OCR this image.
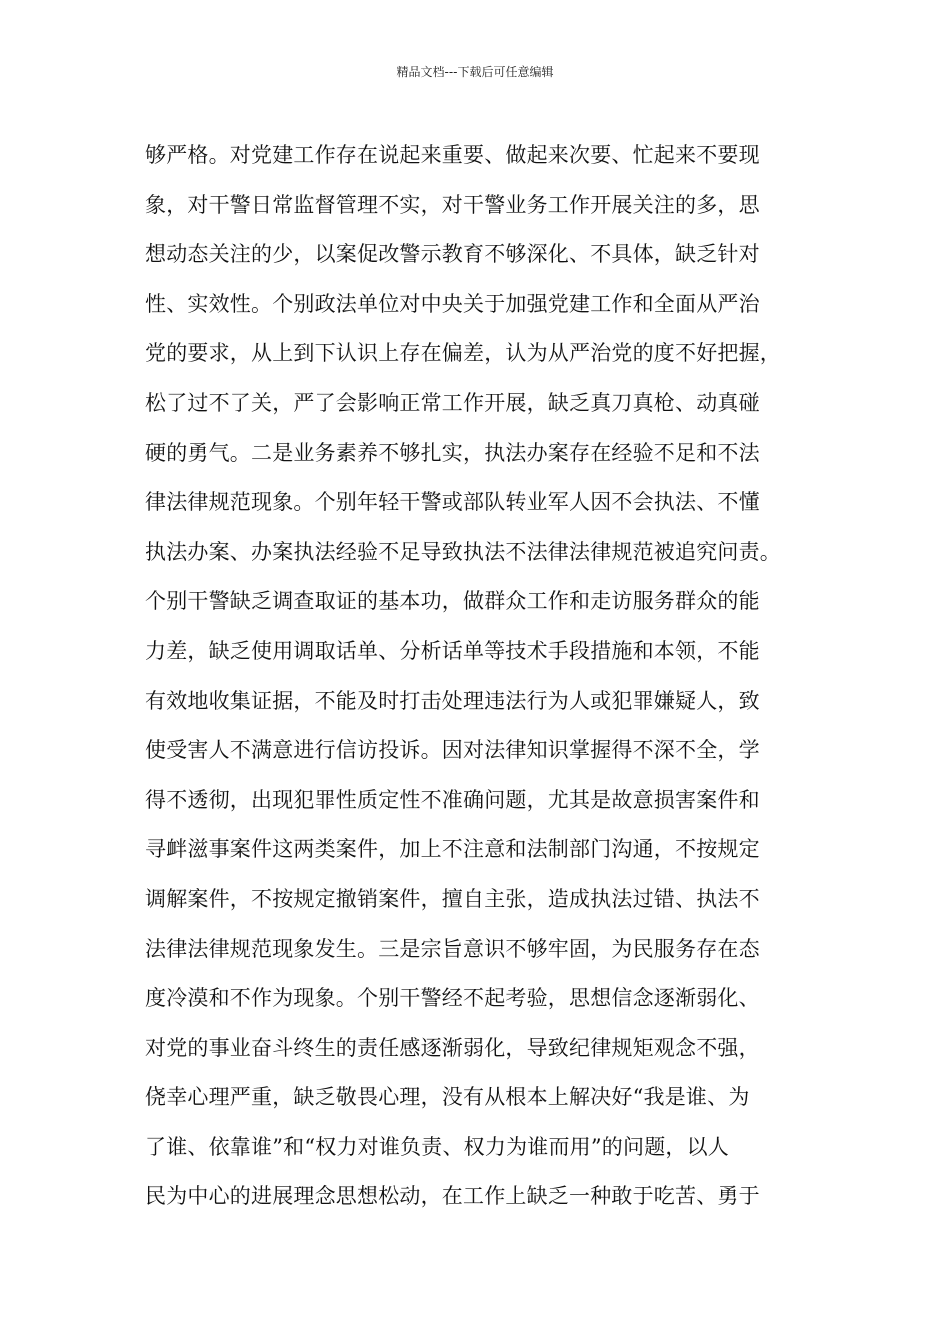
精品文档---下载后可任意编辑
够严格。对党建工作存在说起来重要、做起来次要、忙起来不要现
象，对干警日常监督管理不实，对干警业务工作开展关注的多，思
想动态关注的少，以案促改警示教育不够深化、不具体，缺乏针对
性、实效性。个别政法单位对中央关于加强党建工作和全面从严治
党的要求，从上到下认识上存在偏差，认为从严治党的度不好把握，
松了过不了关，严了会影响正常工作开展，缺乏真刀真枪、动真碰
硬的勇气。二是业务素养不够扎实，执法办案存在经验不足和不法
律法律规范现象。个别年轻干警或部队转业军人因不会执法、不懂
执法办案、办案执法经验不足导致执法不法律法律规范被追究问责。
个别干警缺乏调查取证的基本功，做群众工作和走访服务群众的能
力差，缺乏使用调取话单、分析话单等技术手段措施和本领，不能
有效地收集证据，不能及时打击处理违法行为人或犯罪嫌疑人，致
使受害人不满意进行信访投诉。因对法律知识掌握得不深不全，学
得不透彻，出现犯罪性质定性不准确问题，尤其是故意损害案件和
寻衅滋事案件这两类案件，加上不注意和法制部门沟通，不按规定
调解案件，不按规定撤销案件，擅自主张，造成执法过错、执法不
法律法律规范现象发生。三是宗旨意识不够牢固，为民服务存在态
度冷漠和不作为现象。个别干警经不起考验，思想信念逐渐弱化、
对党的事业奋斗终生的责任感逐渐弱化，导致纪律规矩观念不强，
侥幸心理严重，缺乏敬畏心理，没有从根本上解决好“我是谁、为
了谁、依靠谁”和“权力对谁负责、权力为谁而用”的问题，以人
民为中心的进展理念思想松动，在工作上缺乏一种敢于吃苦、勇于
